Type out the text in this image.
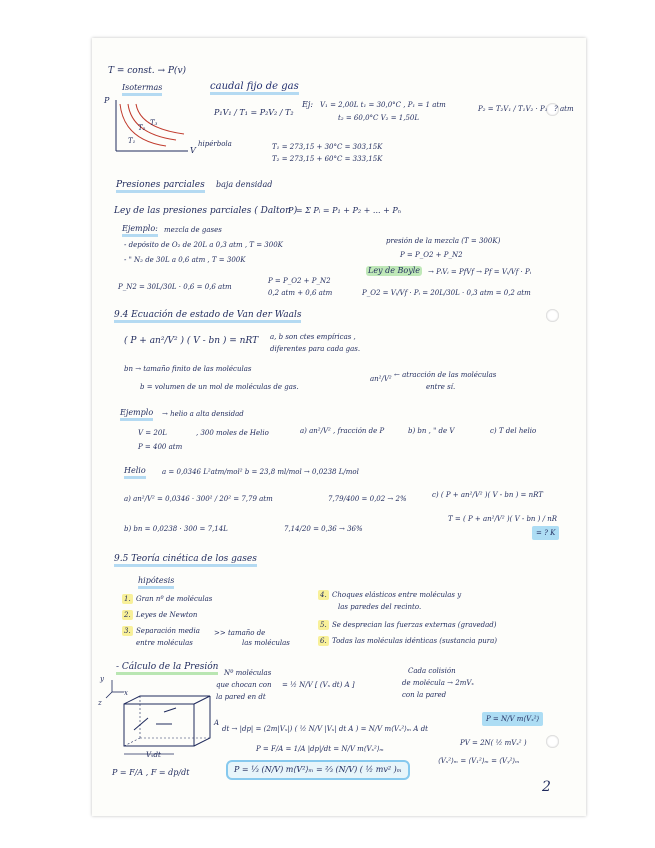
T = const. → P(v)
Isotermas	caudal fijo de gas
P
V
T₁
T₂
T₃
hipérbola
P₁V₁ / T₁ = P₂V₂ / T₂
Ej: V₁ = 2,00L t₁ = 30,0°C , P₁ = 1 atm
t₂ = 60,0°C V₂ = 1,50L
P₂ = T₂V₁ / T₁V₂ · P₁ ? atm
T₁ = 273,15 + 30°C = 303,15K
T₂ = 273,15 + 60°C = 333,15K
Presiones parciales baja densidad
Ley de las presiones parciales ( Dalton )
P = Σ Pᵢ = P₁ + P₂ + ... + Pₙ
Ejemplo: mezcla de gases
- depósito de O₂ de 20L a 0,3 atm , T = 300K
- " N₂ de 30L a 0,6 atm , T = 300K
presión de la mezcla (T = 300K)
P = P_O2 + P_N2
P_N2 = 30L/30L · 0,6 = 0,6 atm
P = P_O2 + P_N2
0,2 atm + 0,6 atm
Ley de Boyle → PᵢVᵢ = PfVf → Pf = Vᵢ/Vf · Pᵢ
P_O2 = Vᵢ/Vf · Pᵢ = 20L/30L · 0,3 atm = 0,2 atm
9.4 Ecuación de estado de Van der Waals
( P + an²/V² ) ( V - bn ) = nRT a, b son ctes empíricas ,
diferentes para cada gas.
bn → tamaño finito de las moléculas
b = volumen de un mol de moléculas de gas.
an²/V² ← atracción de las moléculas
entre sí.
Ejemplo → helio a alta densidad
V = 20L	, 300 moles de Helio
P = 400 atm
a) an²/V² , fracción de P	b) bn , " de V	c) T del helio
Helio a = 0,0346 L²atm/mol² b = 23,8 ml/mol → 0,0238 L/mol
a) an²/V² = 0,0346 · 300² / 20² = 7,79 atm	7,79/400 = 0,02 → 2%	c) ( P + an²/V² )( V - bn ) = nRT
T = ( P + an²/V² )( V - bn ) / nR
= ? K
b) bn = 0,0238 · 300 = 7,14L	7,14/20 = 0,36 → 36%
9.5 Teoría cinética de los gases
hipótesis
1. Gran nº de moléculas
2. Leyes de Newton
3. Separación media
entre moléculas
>> tamaño de
las moléculas
4. Choques elásticos entre moléculas y
las paredes del recinto.
5. Se desprecian las fuerzas externas (gravedad)
6. Todas las moléculas idénticas (sustancia pura)
- Cálculo de la Presión
y
x
z
A
Vₓdt
Nº moléculas
que chocan con
la pared en dt
= ½ N/V [ (Vₓ dt) A ]
Cada colisión
de molécula → 2mVₓ
con la pared
dt → |dp| = (2m|Vₓ|) ( ½ N/V |Vₓ| dt A ) = N/V m⟨Vₓ²⟩ₘ A dt
P = N/V m⟨Vₓ²⟩
P = F/A = 1/A |dp|/dt = N/V m⟨Vₓ²⟩ₘ
PV = 2N( ½ mVₓ² )
⟨Vₓ²⟩ₘ = ⟨V₁²⟩ₘ = ⟨Vᵧ²⟩ₘ
P = F/A , F = dp/dt	P = ⅓ (N/V) m⟨V²⟩ₘ = ⅔ (N/V) ( ½ mv² )ₘ
2
